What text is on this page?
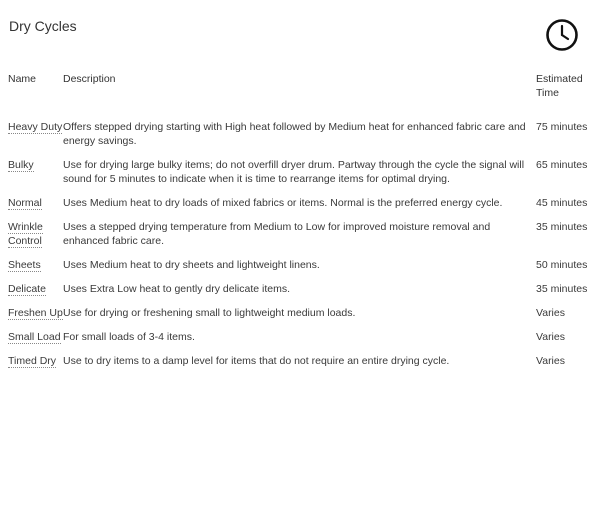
Dry Cycles
Name	Description	Estimated Time
Heavy Duty	Offers stepped drying starting with High heat followed by Medium heat for enhanced fabric care and energy savings.	75 minutes
Bulky	Use for drying large bulky items; do not overfill dryer drum. Partway through the cycle the signal will sound for 5 minutes to indicate when it is time to rearrange items for optimal drying.	65 minutes
Normal	Uses Medium heat to dry loads of mixed fabrics or items. Normal is the preferred energy cycle.	45 minutes
Wrinkle Control	Uses a stepped drying temperature from Medium to Low for improved moisture removal and enhanced fabric care.	35 minutes
Sheets	Uses Medium heat to dry sheets and lightweight linens.	50 minutes
Delicate	Uses Extra Low heat to gently dry delicate items.	35 minutes
Freshen Up	Use for drying or freshening small to lightweight medium loads.	Varies
Small Load	For small loads of 3-4 items.	Varies
Timed Dry	Use to dry items to a damp level for items that do not require an entire drying cycle.	Varies
